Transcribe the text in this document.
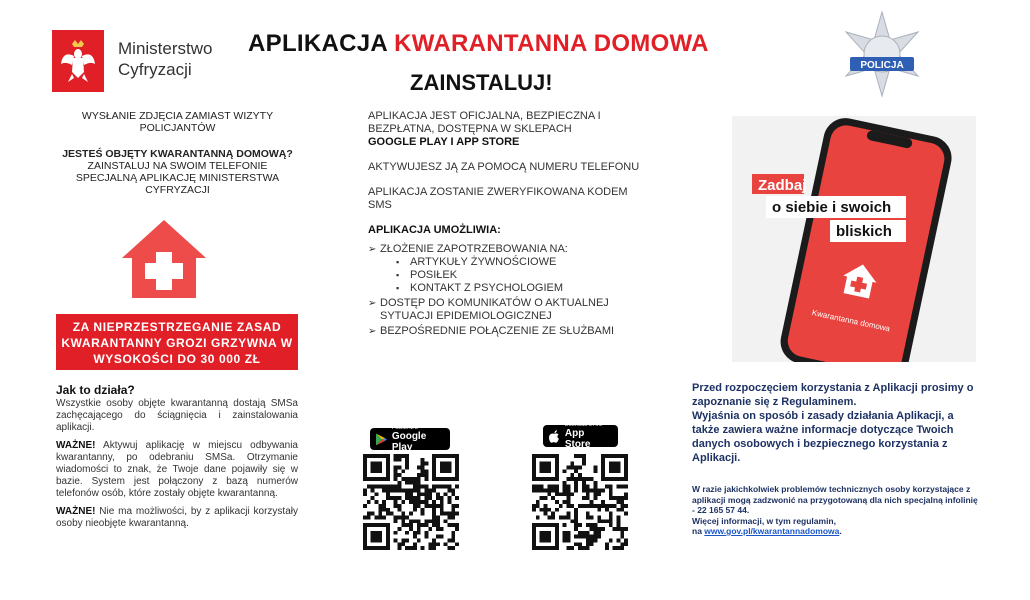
Ministerstwo
Cyfryzacji
APLIKACJA KWARANTANNA DOMOWA
ZAINSTALUJ!
POLICJA
WYSŁANIE ZDJĘCIA ZAMIAST WIZYTY POLICJANTÓW
JESTEŚ OBJĘTY KWARANTANNĄ DOMOWĄ?
ZAINSTALUJ NA SWOIM TELEFONIE SPECJALNĄ APLIKACJĘ MINISTERSTWA CYFRYZACJI
ZA NIEPRZESTRZEGANIE ZASAD KWARANTANNY GROZI GRZYWNA W WYSOKOŚCI DO 30 000 ZŁ
Jak to działa?

Wszystkie osoby objęte kwarantanną dostają SMSa zachęcającego do ściągnięcia i zainstalowania aplikacji.

WAŻNE! Aktywuj aplikację w miejscu odbywania kwarantanny, po odebraniu SMSa. Otrzymanie wiadomości to znak, że Twoje dane pojawiły się w bazie. System jest połączony z bazą numerów telefonów osób, które zostały objęte kwarantanną.

WAŻNE! Nie ma możliwości, by z aplikacji korzystały osoby nieobjęte kwarantanną.

APLIKACJA JEST OFICJALNA, BEZPIECZNA I BEZPŁATNA, DOSTĘPNA W SKLEPACH
GOOGLE PLAY I APP STORE

AKTYWUJESZ JĄ ZA POMOCĄ NUMERU TELEFONU

APLIKACJA ZOSTANIE ZWERYFIKOWANA KODEM SMS

APLIKACJA UMOŻLIWIA:
➢ ZŁOŻENIE ZAPOTRZEBOWANIA NA:
▪ ARTYKUŁY ŻYWNOŚCIOWE
▪ POSIŁEK
▪ KONTAKT Z PSYCHOLOGIEM
➢ DOSTĘP DO KOMUNIKATÓW O AKTUALNEJ SYTUACJI EPIDEMIOLOGICZNEJ
➢ BEZPOŚREDNIE POŁĄCZENIE ZE SŁUŻBAMI
POBIERZ Z
Google Play
Download on the
App Store
Kwarantanna domowa
Zadbaj
o siebie i swoich
bliskich

Przed rozpoczęciem korzystania z Aplikacji prosimy o zapoznanie się z Regulaminem.

Wyjaśnia on sposób i zasady działania Aplikacji, a także zawiera ważne informacje dotyczące Twoich danych osobowych i bezpiecznego korzystania z Aplikacji.

W razie jakichkolwiek problemów technicznych osoby korzystające z aplikacji mogą zadzwonić na przygotowaną dla nich specjalną infolinię - 22 165 57 44.

Więcej informacji, w tym regulamin,

na www.gov.pl/kwarantannadomowa.
